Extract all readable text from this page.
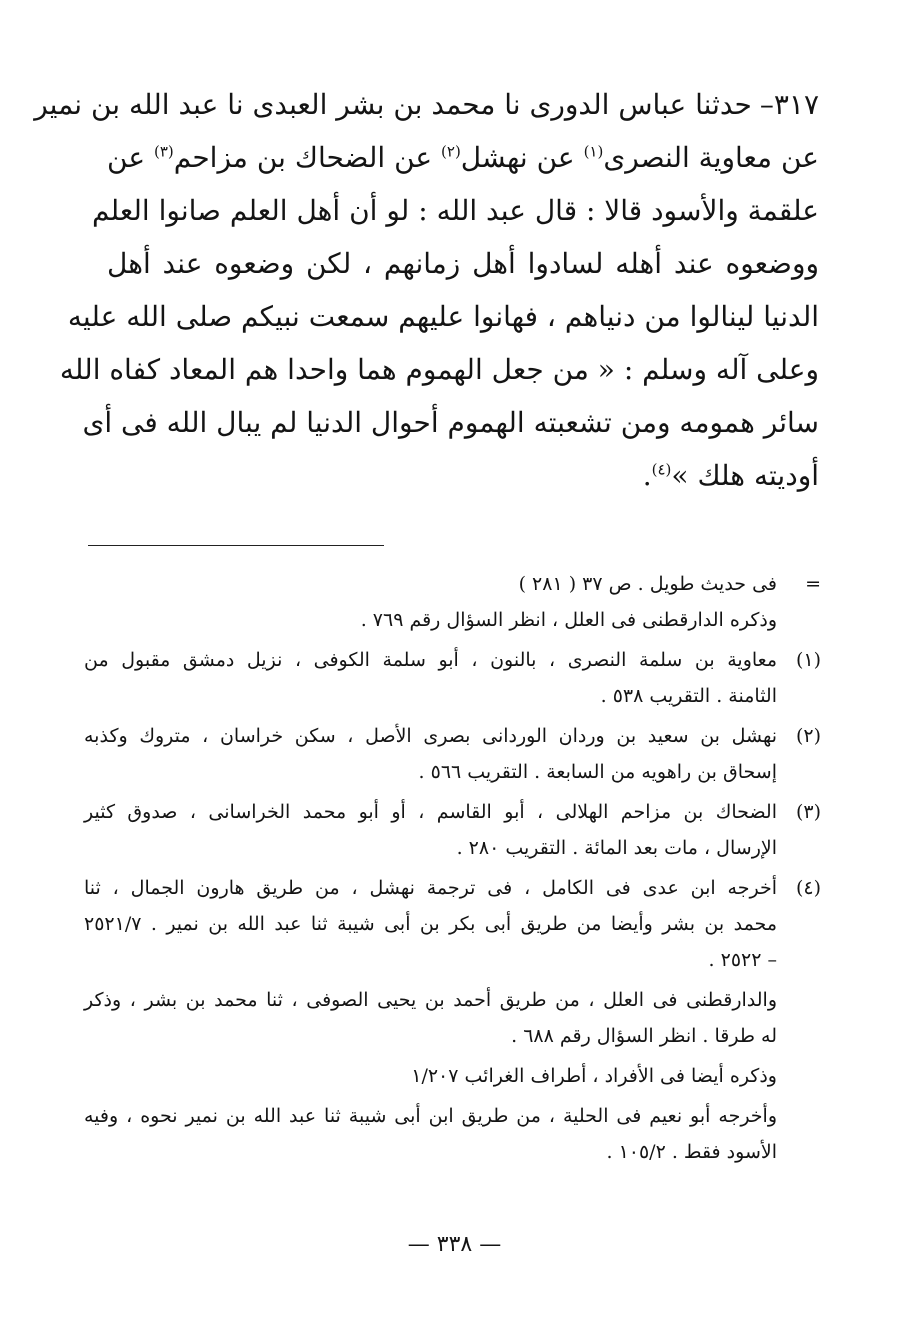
٣١٧–حدثنا عباس الدورى نا محمد بن بشر العبدى نا عبد الله بن نمير
عن معاوية النصرى$^{(١)}$ عن نهشل$^{(٢)}$ عن الضحاك بن مزاحم$^{(٣)}$ عن
علقمة والأسود قالا : قال عبد الله : لو أن أهل العلم صانوا العلم
ووضعوه عند أهله لسادوا أهل زمانهم ، لكن وضعوه عند أهل
الدنيا لينالوا من دنياهم ، فهانوا عليهم سمعت نبيكم صلى الله عليه
وعلى آله وسلم : « من جعل الهموم هما واحدا هم المعاد كفاه الله
سائر همومه ومن تشعبته الهموم أحوال الدنيا لم يبال الله فى أى
أوديته هلك »$^{(٤)}$.
=
فى حديث طويل . ص ٣٧ ( ٢٨١ )
وذكره الدارقطنى فى العلل ، انظر السؤال رقم ٧٦٩ .
(١)
معاوية بن سلمة النصرى ، بالنون ، أبو سلمة الكوفى ، نزيل دمشق مقبول من
الثامنة . التقريب ٥٣٨ .
(٢)
نهشل بن سعيد بن وردان الوردانى بصرى الأصل ، سكن خراسان ، متروك وكذبه
إسحاق بن راهويه من السابعة . التقريب ٥٦٦ .
(٣)
الضحاك بن مزاحم الهلالى ، أبو القاسم ، أو أبو محمد الخراسانى ، صدوق كثير
الإرسال ، مات بعد المائة . التقريب ٢٨٠ .
(٤)
أخرجه ابن عدى فى الكامل ، فى ترجمة نهشل ، من طريق هارون الجمال ، ثنا
محمد بن بشر وأيضا من طريق أبى بكر بن أبى شيبة ثنا عبد الله بن نمير . ٢٥٢١/٧
– ٢٥٢٢ .
والدارقطنى فى العلل ، من طريق أحمد بن يحيى الصوفى ، ثنا محمد بن بشر ، وذكر
له طرقا . انظر السؤال رقم ٦٨٨ .
وذكره أيضا فى الأفراد ، أطراف الغرائب ١/٢٠٧
وأخرجه أبو نعيم فى الحلية ، من طريق ابن أبى شيبة ثنا عبد الله بن نمير نحوه ، وفيه
الأسود فقط . ١٠٥/٢ .
— ٣٣٨ —
